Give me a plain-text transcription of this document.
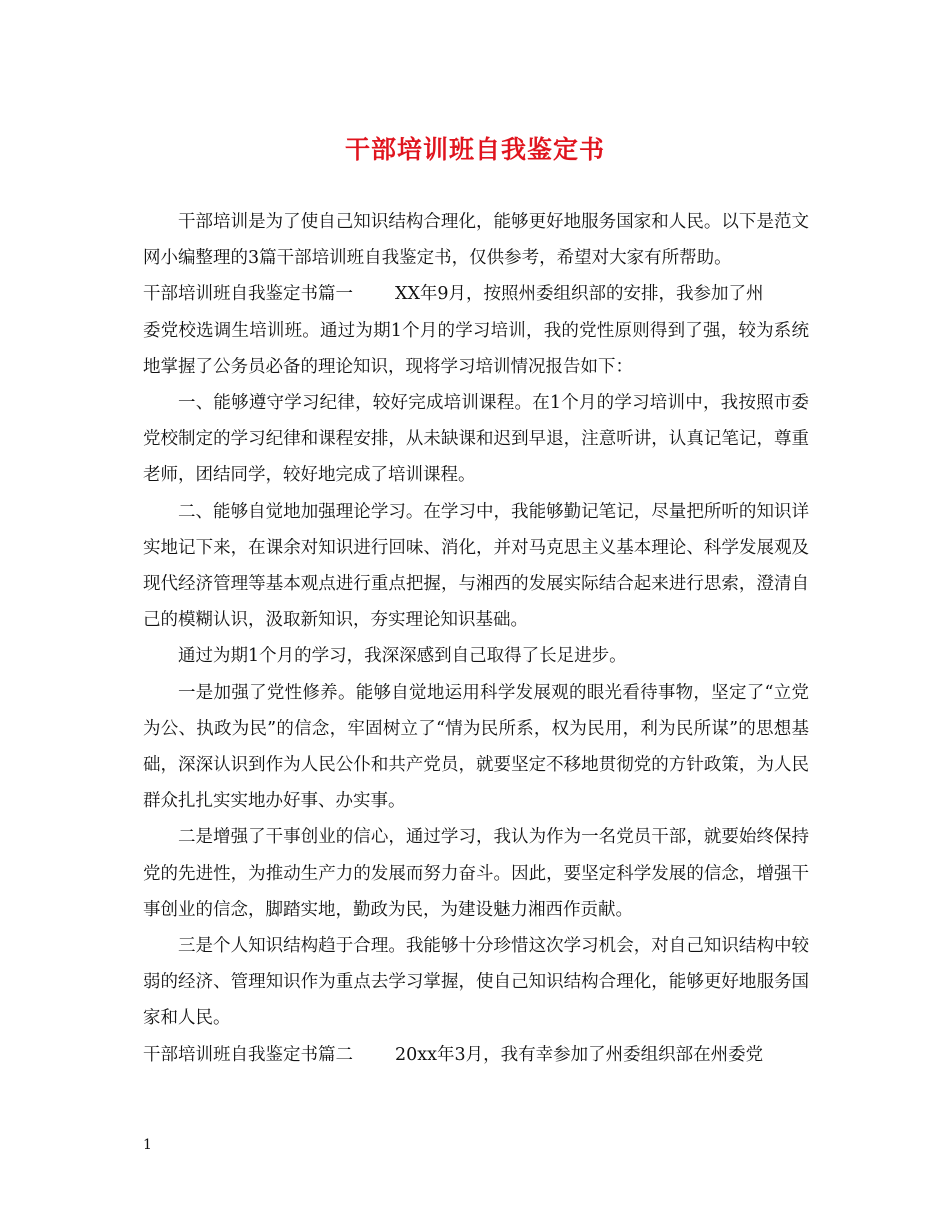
干部培训班自我鉴定书

干部培训是为了使自己知识结构合理化，能够更好地服务国家和人民。以下是范文网小编整理的3篇干部培训班自我鉴定书，仅供参考，希望对大家有所帮助。

干部培训班自我鉴定书篇一 XX年9月，按照州委组织部的安排，我参加了州

委党校选调生培训班。通过为期1个月的学习培训，我的党性原则得到了强，较为系统地掌握了公务员必备的理论知识，现将学习培训情况报告如下：

一、能够遵守学习纪律，较好完成培训课程。在1个月的学习培训中，我按照市委党校制定的学习纪律和课程安排，从未缺课和迟到早退，注意听讲，认真记笔记，尊重老师，团结同学，较好地完成了培训课程。

二、能够自觉地加强理论学习。在学习中，我能够勤记笔记，尽量把所听的知识详实地记下来，在课余对知识进行回味、消化，并对马克思主义基本理论、科学发展观及现代经济管理等基本观点进行重点把握，与湘西的发展实际结合起来进行思索，澄清自己的模糊认识，汲取新知识，夯实理论知识基础。

通过为期1个月的学习，我深深感到自己取得了长足进步。

一是加强了党性修养。能够自觉地运用科学发展观的眼光看待事物，坚定了“立党为公、执政为民”的信念，牢固树立了“情为民所系，权为民用，利为民所谋”的思想基础，深深认识到作为人民公仆和共产党员，就要坚定不移地贯彻党的方针政策，为人民群众扎扎实实地办好事、办实事。

二是增强了干事创业的信心，通过学习，我认为作为一名党员干部，就要始终保持党的先进性，为推动生产力的发展而努力奋斗。因此，要坚定科学发展的信念，增强干事创业的信念，脚踏实地，勤政为民，为建设魅力湘西作贡献。

三是个人知识结构趋于合理。我能够十分珍惜这次学习机会，对自己知识结构中较弱的经济、管理知识作为重点去学习掌握，使自己知识结构合理化，能够更好地服务国家和人民。

干部培训班自我鉴定书篇二 20xx年3月，我有幸参加了州委组织部在州委党

1
